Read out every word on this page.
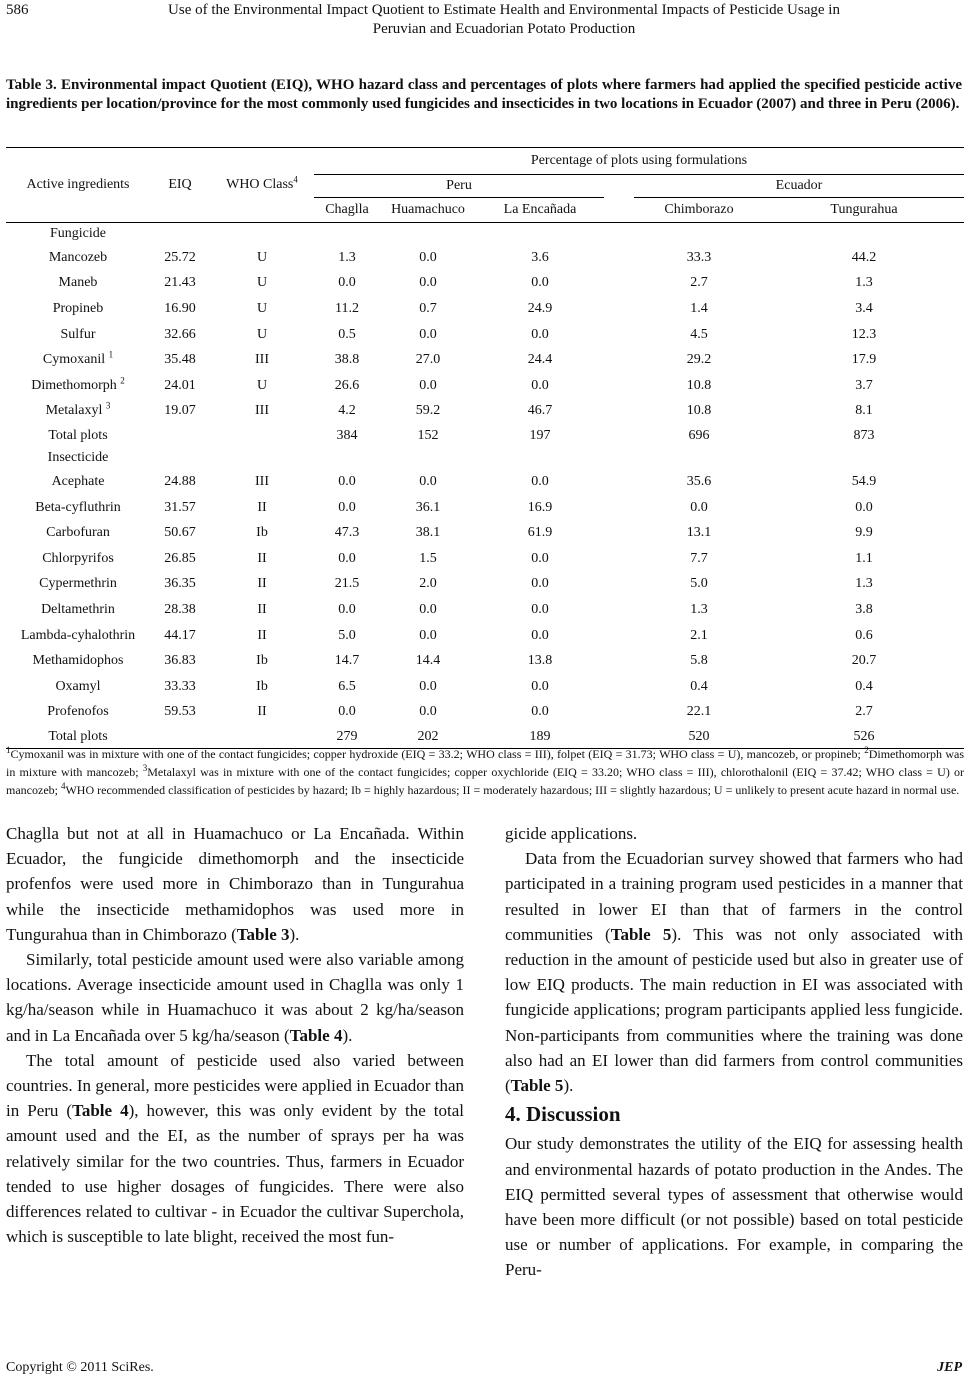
586	Use of the Environmental Impact Quotient to Estimate Health and Environmental Impacts of Pesticide Usage in
Peruvian and Ecuadorian Potato Production
Table 3. Environmental impact Quotient (EIQ), WHO hazard class and percentages of plots where farmers had applied the specified pesticide active ingredients per location/province for the most commonly used fungicides and insecticides in two locations in Ecuador (2007) and three in Peru (2006).
Active ingredients	EIQ	WHO Class$^4$	Percentage of plots using formulations					
			Peru				Ecuador	
			Chaglla	Huamachuco	La Encañada		Chimborazo	Tungurahua
Fungicide								
Mancozeb	25.72	U	1.3	0.0	3.6		33.3	44.2
Maneb	21.43	U	0.0	0.0	0.0		2.7	1.3
Propineb	16.90	U	11.2	0.7	24.9		1.4	3.4
Sulfur	32.66	U	0.5	0.0	0.0		4.5	12.3
Cymoxanil $^1$	35.48	III	38.8	27.0	24.4		29.2	17.9
Dimethomorph $^2$	24.01	U	26.6	0.0	0.0		10.8	3.7
Metalaxyl $^3$	19.07	III	4.2	59.2	46.7		10.8	8.1
Total plots			384	152	197		696	873
Insecticide								
Acephate	24.88	III	0.0	0.0	0.0		35.6	54.9
Beta-cyfluthrin	31.57	II	0.0	36.1	16.9		0.0	0.0
Carbofuran	50.67	Ib	47.3	38.1	61.9		13.1	9.9
Chlorpyrifos	26.85	II	0.0	1.5	0.0		7.7	1.1
Cypermethrin	36.35	II	21.5	2.0	0.0		5.0	1.3
Deltamethrin	28.38	II	0.0	0.0	0.0		1.3	3.8
Lambda-cyhalothrin	44.17	II	5.0	0.0	0.0		2.1	0.6
Methamidophos	36.83	Ib	14.7	14.4	13.8		5.8	20.7
Oxamyl	33.33	Ib	6.5	0.0	0.0		0.4	0.4
Profenofos	59.53	II	0.0	0.0	0.0		22.1	2.7
Total plots			279	202	189		520	526
$^1$Cymoxanil was in mixture with one of the contact fungicides; copper hydroxide (EIQ = 33.2; WHO class = III), folpet (EIQ = 31.73; WHO class = U), mancozeb, or propineb; $^2$Dimethomorph was in mixture with mancozeb; $^3$Metalaxyl was in mixture with one of the contact fungicides; copper oxychloride (EIQ = 33.20; WHO class = III), chlorothalonil (EIQ = 37.42; WHO class = U) or mancozeb; $^4$WHO recommended classification of pesticides by hazard; Ib = highly hazardous; II = moderately hazardous; III = slightly hazardous; U = unlikely to present acute hazard in normal use.

Chaglla but not at all in Huamachuco or La Encañada. Within Ecuador, the fungicide dimethomorph and the insecticide profenfos were used more in Chimborazo than in Tungurahua while the insecticide methamidophos was used more in Tungurahua than in Chimborazo (Table 3).

Similarly, total pesticide amount used were also variable among locations. Average insecticide amount used in Chaglla was only 1 kg/ha/season while in Huamachuco it was about 2 kg/ha/season and in La Encañada over 5 kg/ha/season (Table 4).

The total amount of pesticide used also varied between countries. In general, more pesticides were applied in Ecuador than in Peru (Table 4), however, this was only evident by the total amount used and the EI, as the number of sprays per ha was relatively similar for the two countries. Thus, farmers in Ecuador tended to use higher dosages of fungicides. There were also differences related to cultivar - in Ecuador the cultivar Superchola, which is susceptible to late blight, received the most fun-

gicide applications.

Data from the Ecuadorian survey showed that farmers who had participated in a training program used pesticides in a manner that resulted in lower EI than that of farmers in the control communities (Table 5). This was not only associated with reduction in the amount of pesticide used but also in greater use of low EIQ products. The main reduction in EI was associated with fungicide applications; program participants applied less fungicide. Non-participants from communities where the training was done also had an EI lower than did farmers from control communities (Table 5).

4. Discussion

Our study demonstrates the utility of the EIQ for assessing health and environmental hazards of potato production in the Andes. The EIQ permitted several types of assessment that otherwise would have been more difficult (or not possible) based on total pesticide use or number of applications. For example, in comparing the Peru-

Copyright © 2011 SciRes.	JEP
